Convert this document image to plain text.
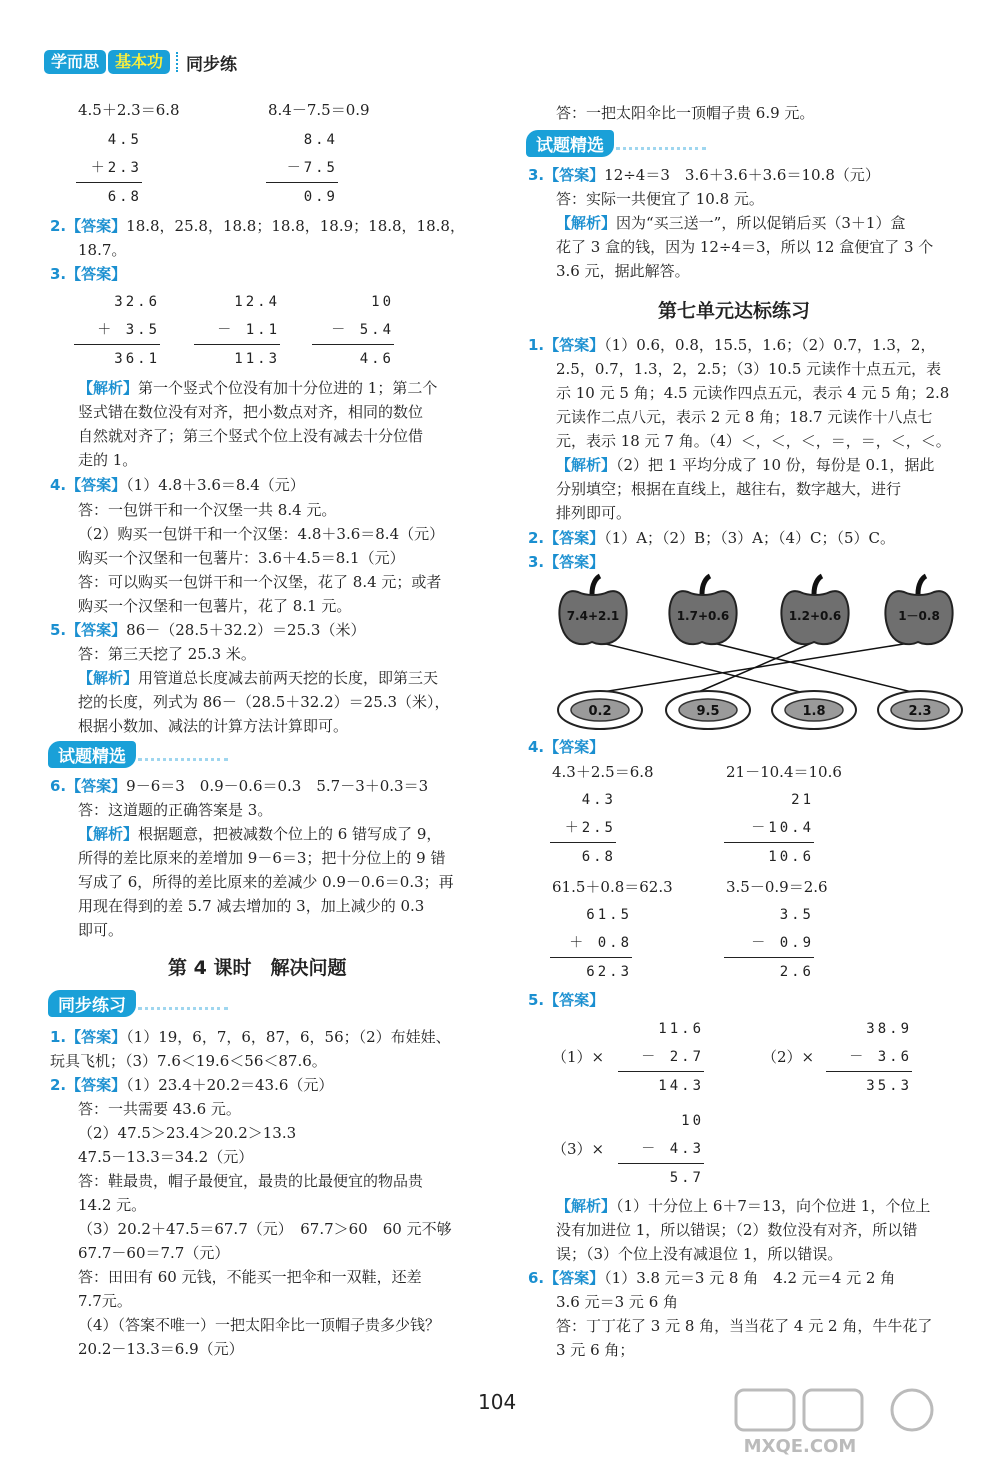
学而思	基本功	同步练
4.5＋2.3＝6.8	8.4－7.5＝0.9
4.5
＋2.3
6.8
8.4
－7.5
0.9
2.【答案】18.8，25.8，18.8；18.8，18.9；18.8，18.8，
18.7。
3.【答案】
32.6
＋ 3.5
36.1
12.4
－ 1.1
11.3
10
－ 5.4
4.6
【解析】第一个竖式个位没有加十分位进的 1；第二个
竖式错在数位没有对齐，把小数点对齐，相同的数位
自然就对齐了；第三个竖式个位上没有减去十分位借
走的 1。
4.【答案】（1）4.8＋3.6＝8.4（元）
答：一包饼干和一个汉堡一共 8.4 元。
（2）购买一包饼干和一个汉堡：4.8＋3.6＝8.4（元）
购买一个汉堡和一包薯片：3.6＋4.5＝8.1（元）
答：可以购买一包饼干和一个汉堡，花了 8.4 元；或者
购买一个汉堡和一包薯片，花了 8.1 元。
5.【答案】86－（28.5＋32.2）＝25.3（米）
答：第三天挖了 25.3 米。
【解析】用管道总长度减去前两天挖的长度，即第三天
挖的长度，列式为 86－（28.5＋32.2）＝25.3（米），
根据小数加、减法的计算方法计算即可。
试题精选
6.【答案】9－6＝3　0.9－0.6＝0.3　5.7－3＋0.3＝3
答：这道题的正确答案是 3。
【解析】根据题意，把被减数个位上的 6 错写成了 9，
所得的差比原来的差增加 9－6＝3；把十分位上的 9 错
写成了 6，所得的差比原来的差减少 0.9－0.6＝0.3；再
用现在得到的差 5.7 减去增加的 3，加上减少的 0.3
即可。
第 4 课时　解决问题
同步练习
1.【答案】（1）19，6，7，6，87，6，56；（2）布娃娃、
玩具飞机；（3）7.6＜19.6＜56＜87.6。
2.【答案】（1）23.4＋20.2＝43.6（元）
答：一共需要 43.6 元。
（2）47.5＞23.4＞20.2＞13.3
47.5－13.3＝34.2（元）
答：鞋最贵，帽子最便宜，最贵的比最便宜的物品贵
14.2 元。
（3）20.2＋47.5＝67.7（元）　67.7＞60　60 元不够
67.7－60＝7.7（元）
答：田田有 60 元钱，不能买一把伞和一双鞋，还差
7.7元。
（4）（答案不唯一）一把太阳伞比一顶帽子贵多少钱？
20.2－13.3＝6.9（元）
答：一把太阳伞比一顶帽子贵 6.9 元。
试题精选
3.【答案】12÷4＝3　3.6＋3.6＋3.6＝10.8（元）
答：实际一共便宜了 10.8 元。
【解析】因为“买三送一”，所以促销后买（3＋1）盒
花了 3 盒的钱，因为 12÷4＝3，所以 12 盒便宜了 3 个
3.6 元，据此解答。
第七单元达标练习
1.【答案】（1）0.6，0.8，15.5，1.6；（2）0.7，1.3，2，
2.5，0.7，1.3，2，2.5；（3）10.5 元读作十点五元，表
示 10 元 5 角；4.5 元读作四点五元，表示 4 元 5 角；2.8
元读作二点八元，表示 2 元 8 角；18.7 元读作十八点七
元，表示 18 元 7 角。（4）＜，＜，＜，＝，＝，＜，＜。
【解析】（2）把 1 平均分成了 10 份，每份是 0.1，据此
分别填空；根据在直线上，越往右，数字越大，进行
排列即可。
2.【答案】（1）A；（2）B；（3）A；（4）C；（5）C。
3.【答案】
7.4+2.1	1.7+0.6	1.2+0.6	1－0.8
0.2	9.5	1.8	2.3
4.【答案】
4.3＋2.5＝6.8	21－10.4＝10.6
4.3
＋2.5
6.8
21
－10.4
10.6
61.5＋0.8＝62.3	3.5－0.9＝2.6
61.5
＋ 0.8
62.3
3.5
－ 0.9
2.6
5.【答案】
（1）×
11.6
－ 2.7
14.3
（2）×
38.9
－ 3.6
35.3
（3）×
10
－ 4.3
5.7
【解析】（1）十分位上 6＋7＝13，向个位进 1，个位上
没有加进位 1，所以错误；（2）数位没有对齐，所以错
误；（3）个位上没有减退位 1，所以错误。
6.【答案】（1）3.8 元＝3 元 8 角　4.2 元＝4 元 2 角
3.6 元＝3 元 6 角
答：丁丁花了 3 元 8 角，当当花了 4 元 2 角，牛牛花了
3 元 6 角；
104
MXQE.COM
